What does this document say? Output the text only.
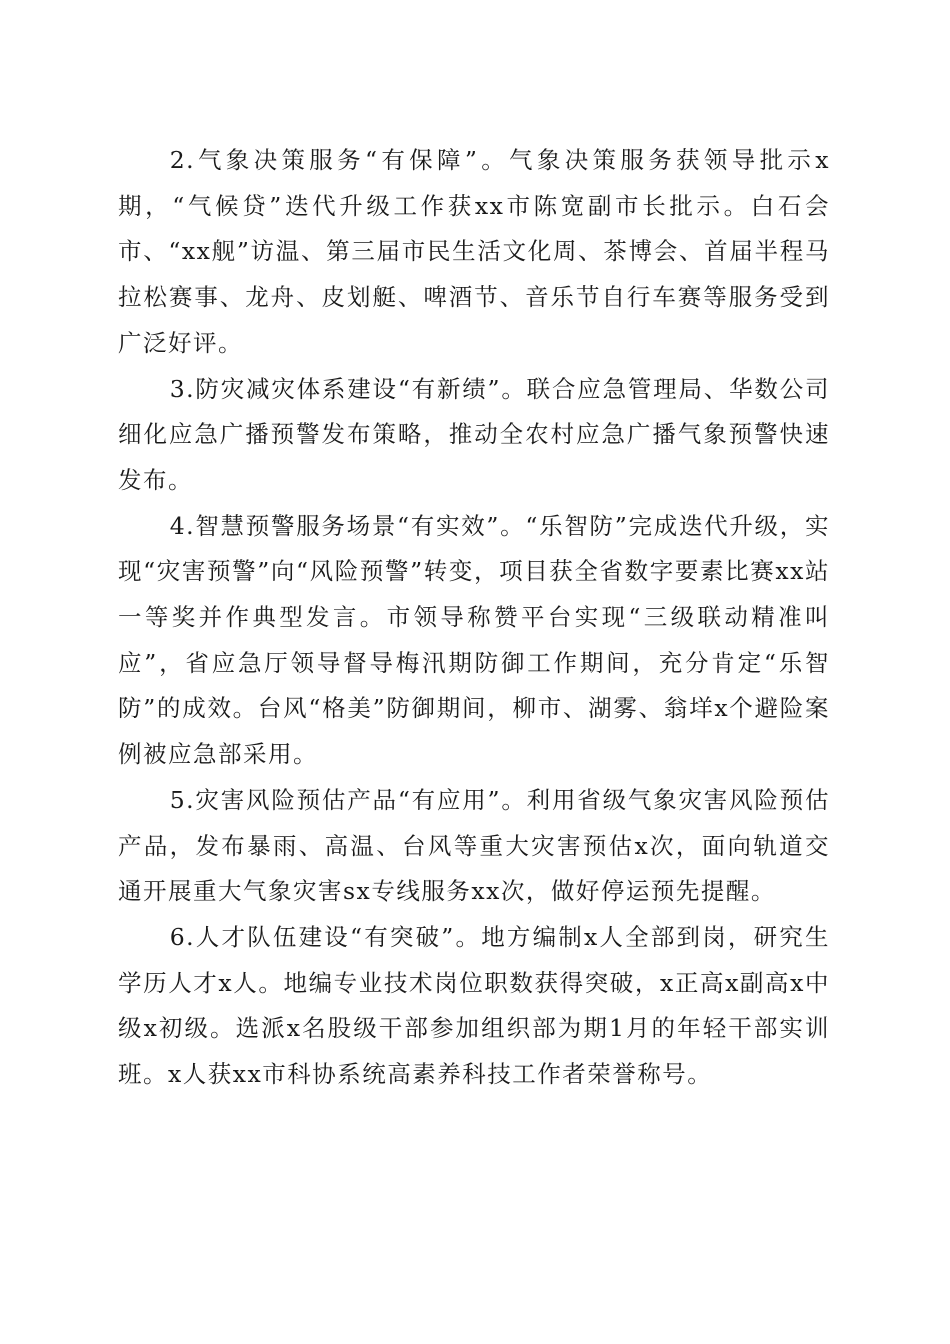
2.气象决策服务“有保障”。气象决策服务获领导批示x期，“气候贷”迭代升级工作获xx市陈宽副市长批示。白石会市、“xx舰”访温、第三届市民生活文化周、茶博会、首届半程马拉松赛事、龙舟、皮划艇、啤酒节、音乐节自行车赛等服务受到广泛好评。

3.防灾减灾体系建设“有新绩”。联合应急管理局、华数公司细化应急广播预警发布策略，推动全农村应急广播气象预警快速发布。

4.智慧预警服务场景“有实效”。“乐智防”完成迭代升级，实现“灾害预警”向“风险预警”转变，项目获全省数字要素比赛xx站一等奖并作典型发言。市领导称赞平台实现“三级联动精准叫应”，省应急厅领导督导梅汛期防御工作期间，充分肯定“乐智防”的成效。台风“格美”防御期间，柳市、湖雾、翁垟x个避险案例被应急部采用。

5.灾害风险预估产品“有应用”。利用省级气象灾害风险预估产品，发布暴雨、高温、台风等重大灾害预估x次，面向轨道交通开展重大气象灾害sx专线服务xx次，做好停运预先提醒。

6.人才队伍建设“有突破”。地方编制x人全部到岗，研究生学历人才x人。地编专业技术岗位职数获得突破，x正高x副高x中级x初级。选派x名股级干部参加组织部为期1月的年轻干部实训班。x人获xx市科协系统高素养科技工作者荣誉称号。
